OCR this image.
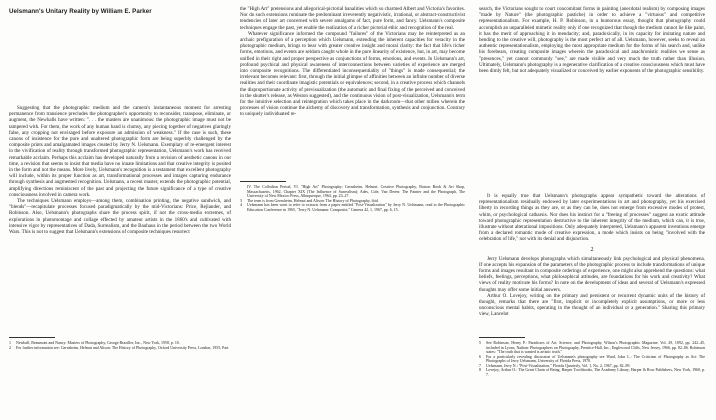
Uelsmann's Unitary Reality by William E. Parker

Suggesting that the photographic medium and the camera's instantaneous moment for arresting permanence from transience precludes the photographer's opportunity to reconsider, transpose, eliminate, or augment, the Newhalls have written: ". . . the masters are unanimous: the photographic image must not be tampered with. For them, the work of any human hand is clumsy, any piecing together of negatives glaringly false, any cropping not envisaged before exposure an admission of weakness." If the case is such, these canons of insistence for the pure and unaltered photographic form are being superbly challenged by the composite prints and amalgamated images created by Jerry N. Uelsmann. Exemplary of re-emergent interest in the vivification of reality through transformed photographic representation, Uelsmann's work has received remarkable acclaim. Perhaps this acclaim has developed naturally from a revision of aesthetic canons in our time, a revision that seems to insist that media have no innate limitations and that creative integrity is posited in the form and not the means. More lively, Uelsmann's recognition is a testament that excellent photography will include, within its proper function as art, transformational processes and images capturing endurance through synthesis and augmented recognition. Uelsmann, a recent master, extends the photographic potential, amplifying directions reminiscent of the past and projecting the future significance of a type of creative consciousness involved in camera work.

The techniques Uelsmann employs—among them, combination printing, the negative sandwich, and "blends"—recapitulate processes focused paradigmatically by the mid-Victorians: Price, Rejlander, and Robinson. Also, Uelsmann's photographs share the process spirit, if not the cross-media extremes, of explorations in photomontage and collage effected by amateur artists in the 1860's and cultivated with intensive vigor by representatives of Dada, Surrealism, and the Bauhaus in the period between the two World Wars. This is not to suggest that Uelsmann's extensions of composite techniques resurrect

1 Newhall, Beaumont and Nancy: Masters of Photography, George Braziller, Inc., New York, 1958, p. 10.

2 For further information see: Gernsheim, Helmut and Alison: The History of Photography, Oxford University Press, London, 1955, Part

the "High Art" pretensions and allegorical-pictorial banalities which so charmed Albert and Victoria's favorites. Nor do such extensions ruminate the predominant irreverently negativistic, irrational, or abstract-constructivist tendencies of later art concerned with severe amalgams of fact, pure form, and fancy. Uelsmann's composite techniques engage the past, yet enable the realization of a richer pictorial ethic and recognition of the real.

Whatever significance informed the compound "failures" of the Victorians may be reinterpreted as an archaic prefiguration of a perception which Uelsmann, extending the inherent capacities for veracity in the photographic medium, brings to bear with greater creative insight and moral clarity: the fact that life's richer forms, emotions, and events are seldom caught whole in the pure linearity of existence, but, in art, may become unified in their right and proper perspective as conjunctions of forms, emotions, and events. In Uelsmann's art, profound psychical and physical awareness of interconnections between varieties of experience are merged into composite recognitions. The differentiated inconsequentiality of "things" is made consequential; the irrelevant becomes relevant: first, through the initial glimpse of affinities between an infinite number of diverse realities and their coordinate imagistic potentials or equivalences; second, in a creative process which channels the disproportionate activity of previsualization (the automatic and final fixing of the perceived and conceived in the shutter's release, as Weston suggested), and the continuous vision of post-visualization, Uelsmann's term for the intuitive selection and reintegration which takes place in the darkroom—that other milieu wherein the processes of vision continue the alchemy of discovery and transformation, synthesis and conjunction. Contrary to uniquely individuated re-

IV. The Collodion Period, VI. "High Art" Photography; Gernsheim, Helmut: Creative Photography, Boston Book & Art Shop, Massachusetts, 1962, Chapter XIX (The Influence of Surrealism); Ades, Cole, Van Deren: The Painter and the Photograph, The University of New Mexico Press, Albuquerque, 1964, pp. 23–27.

3 The term is from Gernsheim, Helmut and Alison: The History of Photography, ibid.

4 Uelsmann has been wont to refer to extracts from a paper entitled "Post-Visualization" by Jerry N. Uelsmann, read to the Photographic Education Conference in 1965, "Jerry N. Uelsmann: Composite," Camera 42, 1, 1967, pp. 6, 15.

search, the Victorians sought to court concomitant forms in painting (anecdotal realism) by composing images "made by Nature" (the photographic pastiche) in order to achieve a "virtuous" and competitive representationalism. For example, H. P. Robinson, in a humorous essay, thought that photography could accomplish an unparalleled mimetic reality only if one recognized that though the medium cannot lie like paint, it has the merit of approaching it in mendacity; and, paradoxically, in its capacity for imitating nature and bending to the creative will, photography is the most perfect art of all. Uelsmann, however, seeks to reveal an authentic representationalism, employing the most appropriate medium for the forms of his search and, unlike his forebears, creating composite images wherein the paradoxical and anachronistic realities we sense as "presences," yet cannot commonly "see," are made visible and very much the truth rather than illusion. Ultimately, Uelsmann's photography is a regenerative clarification of a creative consciousness which must have been dimly felt, but not adequately visualized or conceived by earlier exponents of the photographic sensibility.

It is equally true that Uelsmann's photographs appear sympathetic toward the alterations of representationalism residually endowed by later experimentations in art and photography, yet his exercised liberty in recording things as they are, or as they can be, does not emerge from excessive modes of protest, whim, or psychological catharsis. Nor does his instinct for a "freeing of processes" suggest an exotic attitude toward photographic representation destructive to the inherent integrity of the medium, which can, it is true, illustrate without alterational impositions. Only adequately interpreted, Uelsmann's apparent inventions emerge from a declared romantic mode of creative expression, a mode which insists on being "involved with the celebration of life," not with its denial and disjunction.

2

Jerry Uelsmann develops photographs which simultaneously link psychological and physical phenomena. If one accepts his expansion of the parameters of the photographic process to include transformations of unique forms and images resultant in composite orderings of experience, one might also apprehend the questions: what beliefs, feelings, perceptions, what philosophical attitudes, are foundations for his work and creativity? What views of reality motivate his forms? In note on the development of ideas and several of Uelsmann's expressed thoughts may offer some initial answers.

Arthur O. Lovejoy, writing on the primary and persistent or recurrent dynamic units of the history of thought, remarks that there are "first, implicit or incompletely explicit assumptions, or more or less unconscious mental habits, operating in the thought of an individual or a generation." Sharing this primary view, Lancelot

5 See Robinson, Henry P.: Paradoxes of Art, Science, and Photography, Wilson's Photographic Magazine, Vol. 29, 1892, pp. 242–45, included in Lyons, Nathan: Photographers on Photography, Prentice-Hall, Inc., Englewood Cliffs, New Jersey, 1966, pp. 82–86. Robinson states: "The truth that is wanted is artistic truth."

6 For a particularly revealing discussion of Uelsmann's photography see Ward, John L.: The Criticism of Photography as Art: The Photographs of Jerry Uelsmann, University of Florida Press, 1970.

7 Uelsmann, Jerry N.: "Post-Visualization," Florida Quarterly, Vol. 1, No. 2, 1967, pp. 82–89.

8 Lovejoy, Arthur O.: The Great Chain of Being, Harper Torchbooks, The Academy Library, Harper & Row Publishers, New York, 1960, p. 7.
